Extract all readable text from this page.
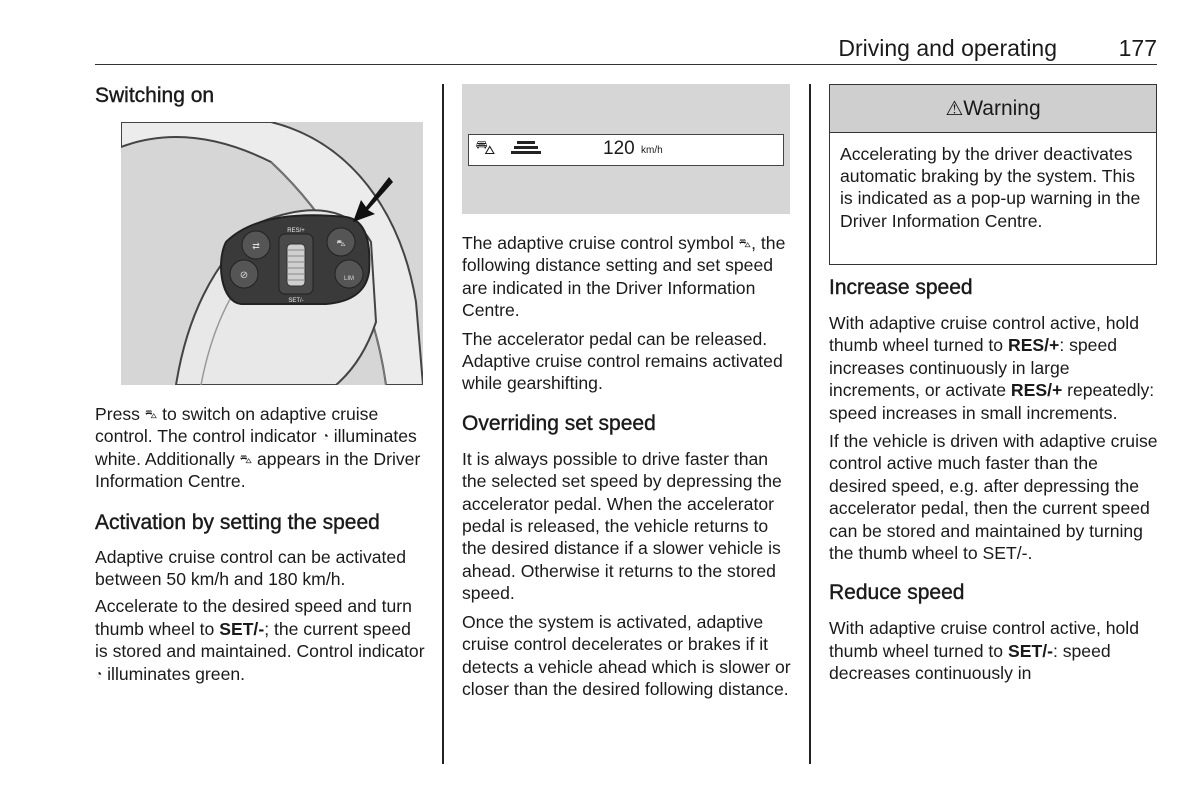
Driving and operating	177
Switching on
⇄
⊘
RES/+
SET/-
⛍
LIM

Press ⛍ to switch on adaptive cruise control. The control indicator ◔ illuminates white. Additionally ⛍ appears in the Driver Information Centre.

Activation by setting the speed

Adaptive cruise control can be activated between 50 km/h and 180 km/h.

Accelerate to the desired speed and turn thumb wheel to SET/-; the current speed is stored and maintained. Control indicator ◔ illuminates green.

⛍	120 km/h

The adaptive cruise control symbol ⛍, the following distance setting and set speed are indicated in the Driver Information Centre.

The accelerator pedal can be released. Adaptive cruise control remains activated while gearshifting.

Overriding set speed

It is always possible to drive faster than the selected set speed by depressing the accelerator pedal. When the accelerator pedal is released, the vehicle returns to the desired distance if a slower vehicle is ahead. Otherwise it returns to the stored speed.

Once the system is activated, adaptive cruise control decelerates or brakes if it detects a vehicle ahead which is slower or closer than the desired following distance.

⚠Warning
Accelerating by the driver deactivates automatic braking by the system. This is indicated as a pop-up warning in the Driver Information Centre.
Increase speed

With adaptive cruise control active, hold thumb wheel turned to RES/+: speed increases continuously in large increments, or activate RES/+ repeatedly: speed increases in small increments.

If the vehicle is driven with adaptive cruise control active much faster than the desired speed, e.g. after depressing the accelerator pedal, then the current speed can be stored and maintained by turning the thumb wheel to SET/-.

Reduce speed

With adaptive cruise control active, hold thumb wheel turned to SET/-: speed decreases continuously in
